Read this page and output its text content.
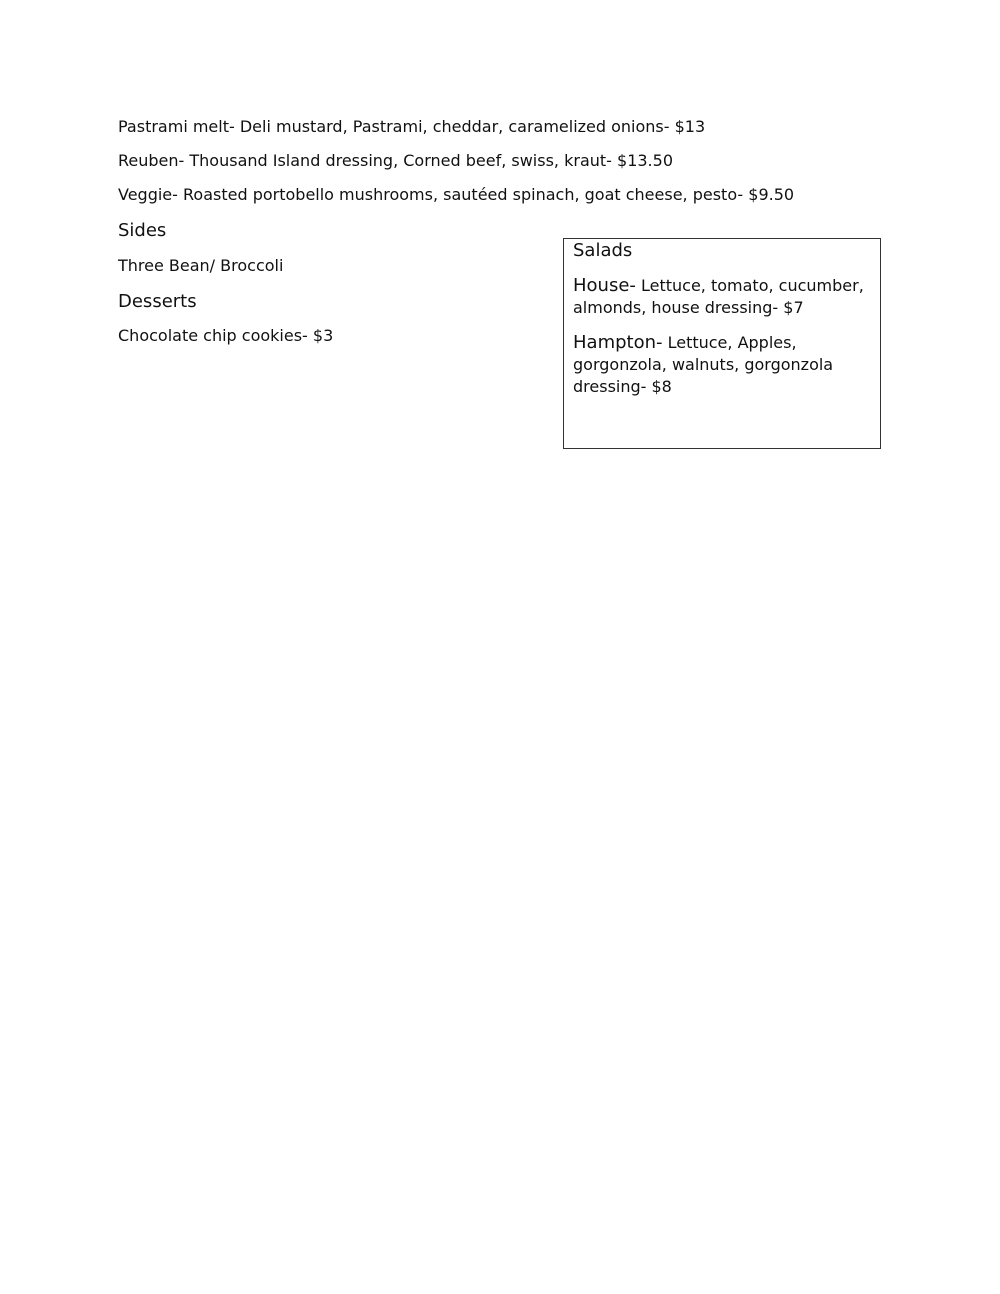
Pastrami melt- Deli mustard, Pastrami, cheddar, caramelized onions- $13

Reuben- Thousand Island dressing, Corned beef, swiss, kraut- $13.50

Veggie- Roasted portobello mushrooms, sautéed spinach, goat cheese, pesto- $9.50

Sides

Three Bean/ Broccoli

Desserts

Chocolate chip cookies- $3

Salads

House- Lettuce, tomato, cucumber, almonds, house dressing- $7

Hampton- Lettuce, Apples, gorgonzola, walnuts, gorgonzola dressing- $8
